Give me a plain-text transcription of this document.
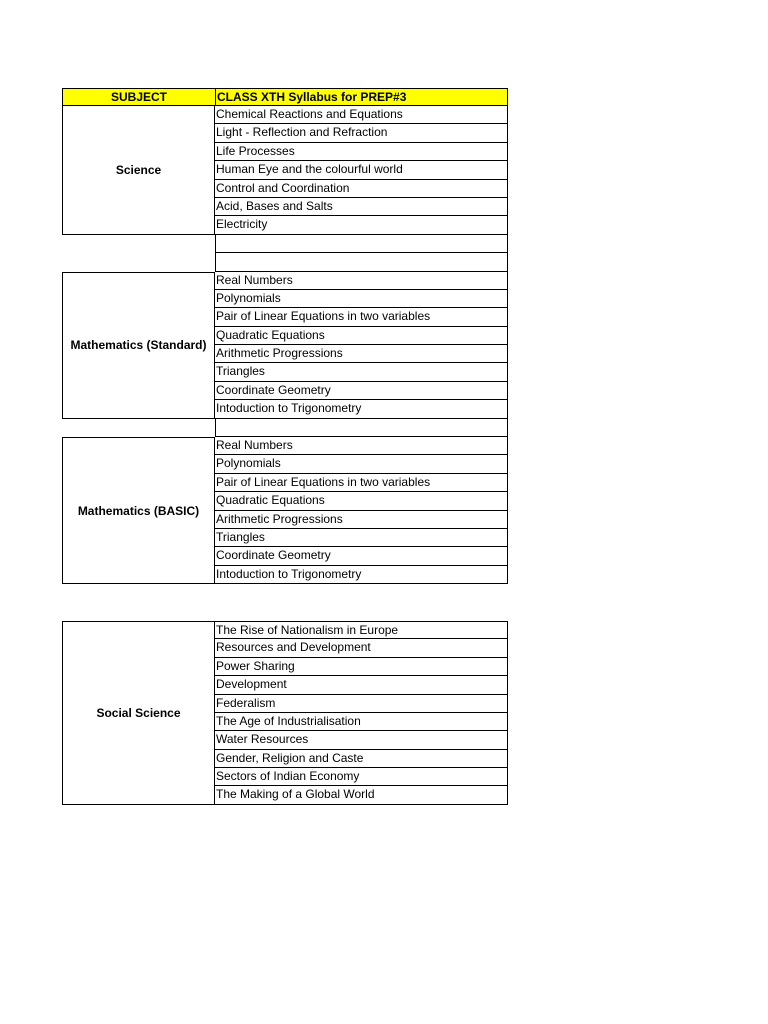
SUBJECT	CLASS XTH Syllabus for PREP#3
Science
Chemical Reactions and Equations
Light - Reflection and Refraction
Life Processes
Human Eye and the colourful world
Control and Coordination
Acid, Bases and Salts
Electricity
Mathematics (Standard)
Real Numbers
Polynomials
Pair of Linear Equations in two variables
Quadratic Equations
Arithmetic Progressions
Triangles
Coordinate Geometry
Intoduction to Trigonometry
Mathematics (BASIC)
Real Numbers
Polynomials
Pair of Linear Equations in two variables
Quadratic Equations
Arithmetic Progressions
Triangles
Coordinate Geometry
Intoduction to Trigonometry
Social Science
The Rise of Nationalism in Europe
Resources and Development
Power Sharing
Development
Federalism
The Age of Industrialisation
Water Resources
Gender, Religion and Caste
Sectors of Indian Economy
The Making of a Global World
